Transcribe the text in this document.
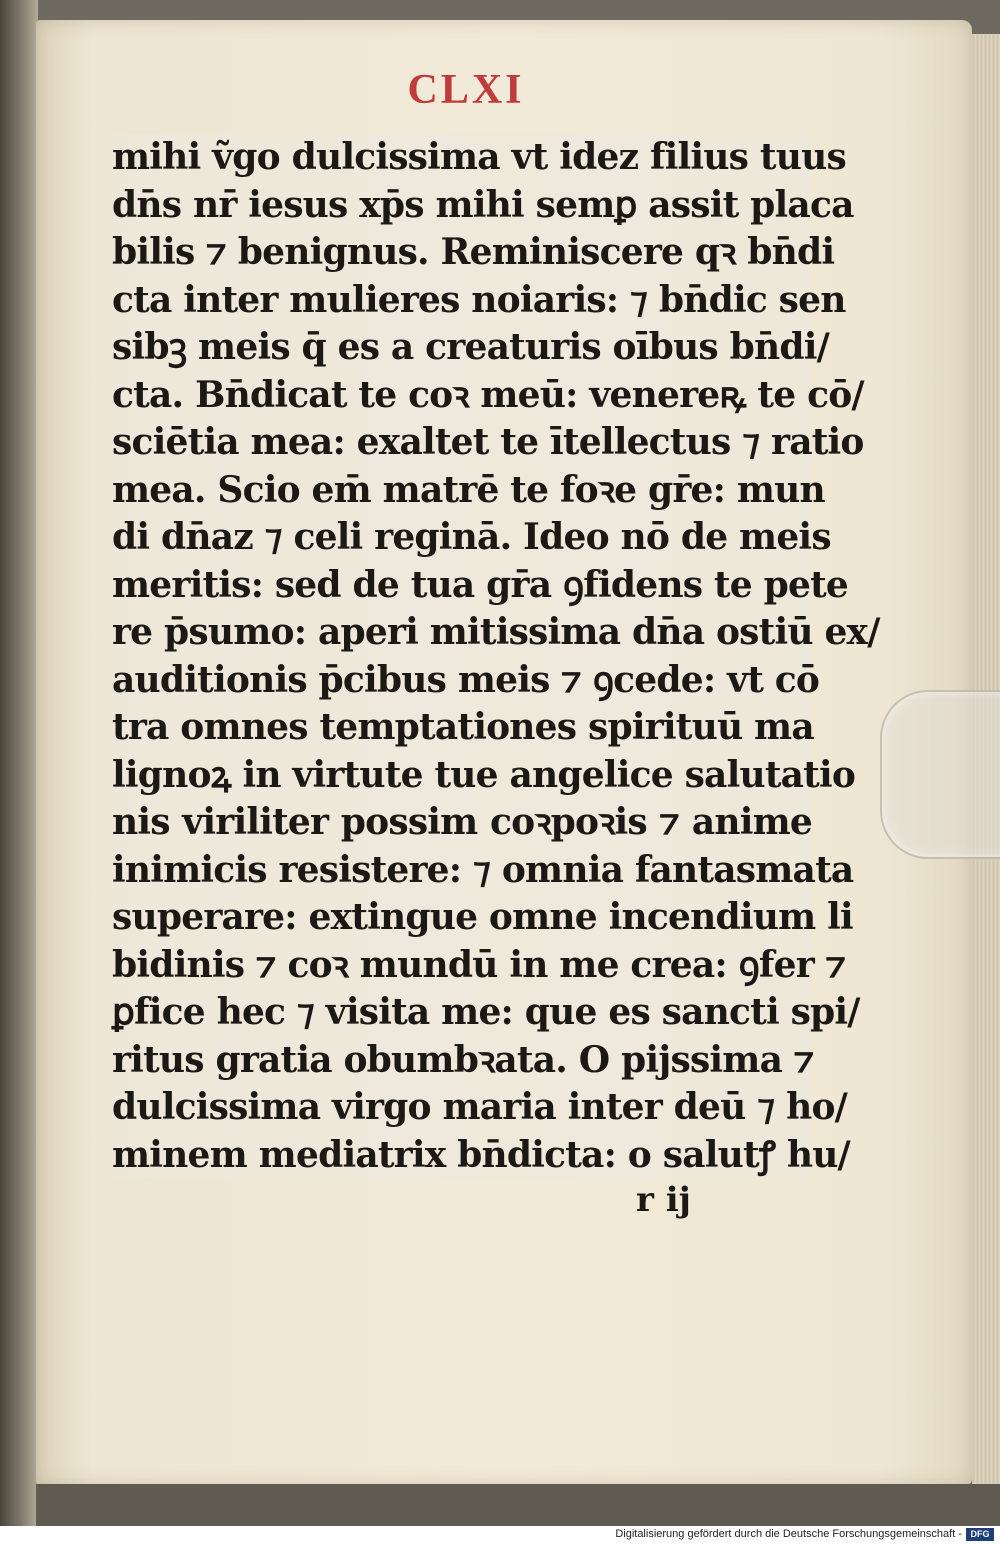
CLXI
mihi ṽgo dulcissima vt idez filius tuus
dn̄s nr̄ iesus xp̄s mihi semꝑ assit placa
bilis ⁊ benignus. Reminiscere qꝛ bn̄di
cta inter mulieres noiaris: ⁊ bn̄dic sen
sibꝫ meis q̄ es a creaturis oībus bn̄di/
cta. Bn̄dicat te coꝛ meū: venereꝶ te cō/
sciētia mea: exaltet te ītellectus ⁊ ratio
mea. Scio em̄ matrē te foꝛe gr̄e: mun
di dn̄az ⁊ celi reginā. Ideo nō de meis
meritis: sed de tua gr̄a ꝯfidens te pete
re p̄sumo: aperi mitissima dn̄a ostiū ex/
auditionis p̄cibus meis ⁊ ꝯcede: vt cō
tra omnes temptationes spirituū ma
lignoꝝ in virtute tue angelice salutatio
nis viriliter possim coꝛpoꝛis ⁊ anime
inimicis resistere: ⁊ omnia fantasmata
superare: extingue omne incendium li
bidinis ⁊ coꝛ mundū in me crea: ꝯfer ⁊
ꝑfice hec ⁊ visita me: que es sancti spi/
ritus gratia obumbꝛata. O pijssima ⁊
dulcissima virgo maria inter deū ⁊ ho/
minem mediatrix bn̄dicta: o salutꝭ hu/
r ij
Digitalisierung gefördert durch die Deutsche Forschungsgemeinschaft - DFG
